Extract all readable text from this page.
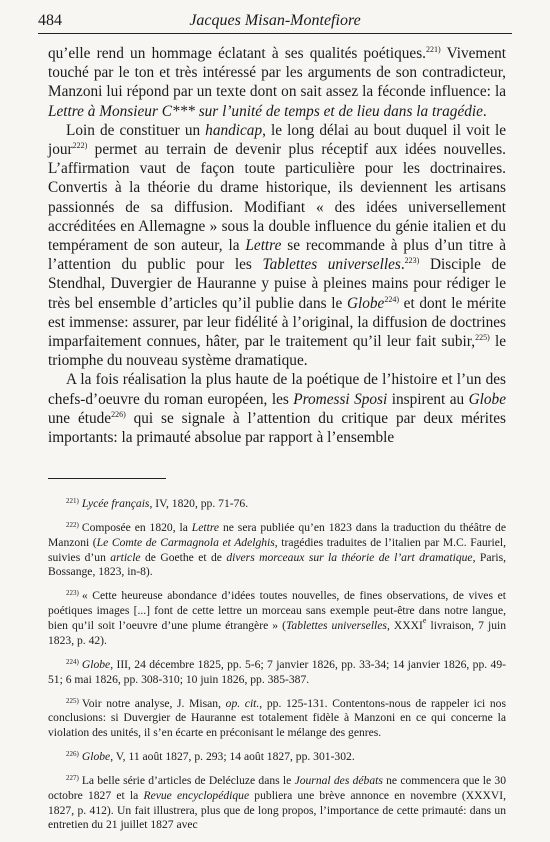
484	Jacques Misan-Montefiore

qu’elle rend un hommage éclatant à ses qualités poétiques.$^{221)}$ Vivement touché par le ton et très intéressé par les arguments de son contradicteur, Manzoni lui répond par un texte dont on sait assez la féconde influence: la Lettre à Monsieur C*** sur l’unité de temps et de lieu dans la tragédie.

Loin de constituer un handicap, le long délai au bout duquel il voit le jour$^{222)}$ permet au terrain de devenir plus réceptif aux idées nouvelles. L’affirmation vaut de façon toute particulière pour les doctrinaires. Convertis à la théorie du drame historique, ils deviennent les artisans passionnés de sa diffusion. Modifiant « des idées universellement accréditées en Allemagne » sous la double influence du génie italien et du tempérament de son auteur, la Lettre se recommande à plus d’un titre à l’attention du public pour les Tablettes universelles.$^{223)}$ Disciple de Stendhal, Duvergier de Hauranne y puise à pleines mains pour rédiger le très bel ensemble d’articles qu’il publie dans le Globe$^{224)}$ et dont le mérite est immense: assurer, par leur fidélité à l’original, la diffusion de doctrines imparfaitement connues, hâter, par le traitement qu’il leur fait subir,$^{225)}$ le triomphe du nouveau système dramatique.

A la fois réalisation la plus haute de la poétique de l’histoire et l’un des chefs-d’oeuvre du roman européen, les Promessi Sposi inspirent au Globe une étude$^{226)}$ qui se signale à l’attention du critique par deux mérites importants: la primauté absolue par rapport à l’ensemble

$^{221)}$ Lycée français, IV, 1820, pp. 71-76.

$^{222)}$ Composée en 1820, la Lettre ne sera publiée qu’en 1823 dans la traduction du théâtre de Manzoni (Le Comte de Carmagnola et Adelghis, tragédies traduites de l’italien par M.C. Fauriel, suivies d’un article de Goethe et de divers morceaux sur la théorie de l’art dramatique, Paris, Bossange, 1823, in-8).

$^{223)}$ « Cette heureuse abondance d’idées toutes nouvelles, de fines observations, de vives et poétiques images [...] font de cette lettre un morceau sans exemple peut-être dans notre langue, bien qu’il soit l’oeuvre d’une plume étrangère » (Tablettes universelles, XXXIe livraison, 7 juin 1823, p. 42).

$^{224)}$ Globe, III, 24 décembre 1825, pp. 5-6; 7 janvier 1826, pp. 33-34; 14 janvier 1826, pp. 49-51; 6 mai 1826, pp. 308-310; 10 juin 1826, pp. 385-387.

$^{225)}$ Voir notre analyse, J. Misan, op. cit., pp. 125-131. Contentons-nous de rappeler ici nos conclusions: si Duvergier de Hauranne est totalement fidèle à Manzoni en ce qui concerne la violation des unités, il s’en écarte en préconisant le mélange des genres.

$^{226)}$ Globe, V, 11 août 1827, p. 293; 14 août 1827, pp. 301-302.

$^{227)}$ La belle série d’articles de Delécluze dans le Journal des débats ne commencera que le 30 octobre 1827 et la Revue encyclopédique publiera une brève annonce en novembre (XXXVI, 1827, p. 412). Un fait illustrera, plus que de long propos, l’importance de cette primauté: dans un entretien du 21 juillet 1827 avec
